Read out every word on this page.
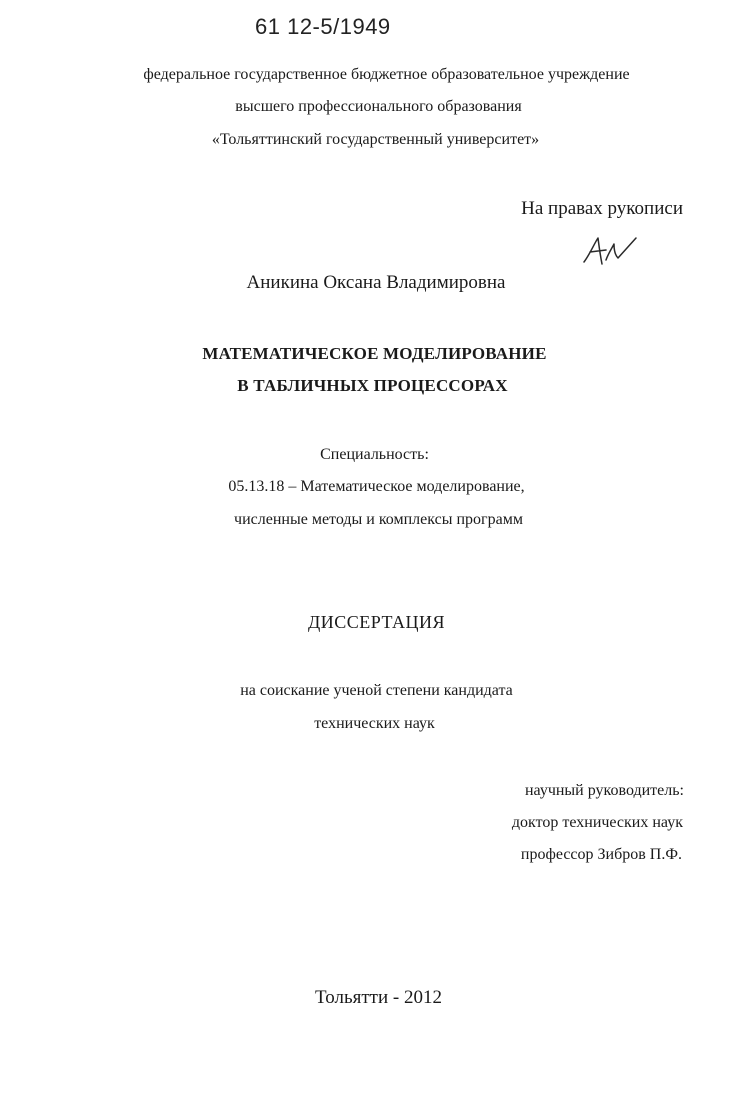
61 12-5/1949
федеральное государственное бюджетное образовательное учреждение
высшего профессионального образования
«Тольяттинский государственный университет»
На правах рукописи
Аникина Оксана Владимировна
МАТЕМАТИЧЕСКОЕ МОДЕЛИРОВАНИЕ
В ТАБЛИЧНЫХ ПРОЦЕССОРАХ
Специальность:
05.13.18 – Математическое моделирование,
численные методы и комплексы программ
ДИССЕРТАЦИЯ
на соискание ученой степени кандидата
технических наук
научный руководитель:
доктор технических наук
профессор Зибров П.Ф.
Тольятти - 2012
